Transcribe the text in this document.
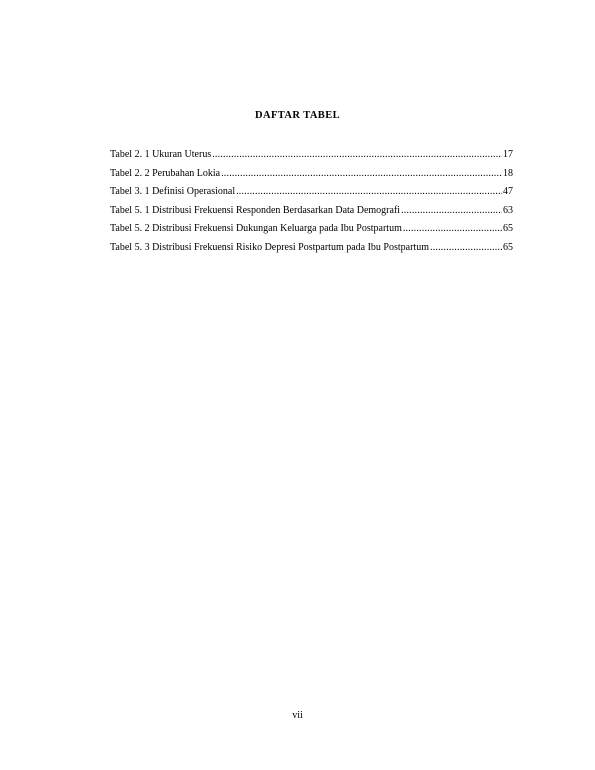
DAFTAR TABEL
Tabel 2. 1 Ukuran Uterus .....	17
Tabel 2. 2 Perubahan Lokia .....	18
Tabel 3. 1 Definisi Operasional .....	47
Tabel 5. 1 Distribusi Frekuensi Responden Berdasarkan Data Demografi .....	63
Tabel 5. 2 Distribusi Frekuensi Dukungan Keluarga pada Ibu Postpartum .....	65
Tabel 5. 3 Distribusi Frekuensi Risiko Depresi Postpartum pada Ibu Postpartum .....	65
vii
